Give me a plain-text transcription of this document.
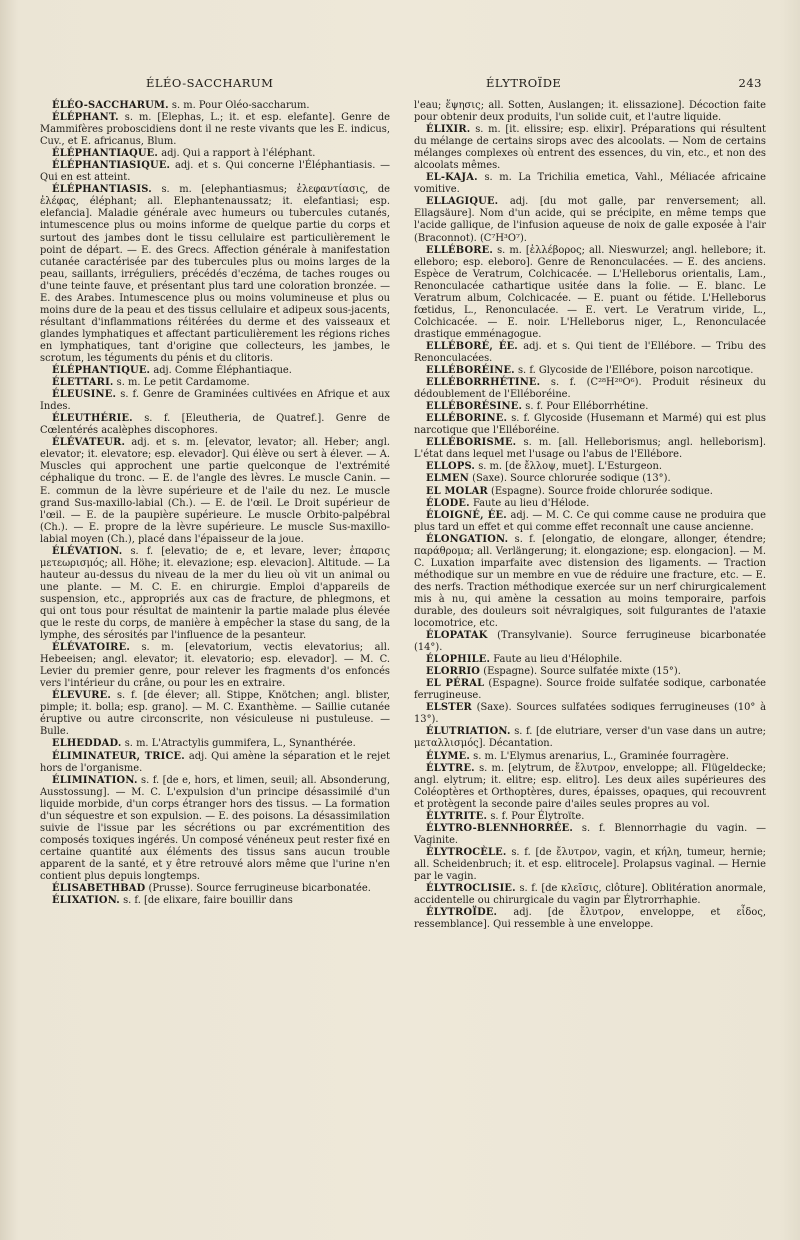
ÉLÉO-SACCHARUM	ÉLYTROÏDE	243

ÉLÉO-SACCHARUM. s. m. Pour Oléo-saccharum.

ÉLÉPHANT. s. m. [Elephas, L.; it. et esp. elefante]. Genre de Mammifères proboscidiens dont il ne reste vivants que les E. indicus, Cuv., et E. africanus, Blum.

ÉLÉPHANTIAQUE. adj. Qui a rapport à l'éléphant.

ÉLÉPHANTIASIQUE. adj. et s. Qui concerne l'Éléphantiasis. — Qui en est atteint.

ÉLÉPHANTIASIS. s. m. [elephantiasmus; ἐλεφαντίασις, de ἐλέφας, éléphant; all. Elephantenaussatz; it. elefantiasi; esp. elefancia]. Maladie générale avec humeurs ou tubercules cutanés, intumescence plus ou moins informe de quelque partie du corps et surtout des jambes dont le tissu cellulaire est particulièrement le point de départ. — E. des Grecs. Affection générale à manifestation cutanée caractérisée par des tubercules plus ou moins larges de la peau, saillants, irréguliers, précédés d'eczéma, de taches rouges ou d'une teinte fauve, et présentant plus tard une coloration bronzée. — E. des Arabes. Intumescence plus ou moins volumineuse et plus ou moins dure de la peau et des tissus cellulaire et adipeux sous-jacents, résultant d'inflammations réitérées du derme et des vaisseaux et glandes lymphatiques et affectant particulièrement les régions riches en lymphatiques, tant d'origine que collecteurs, les jambes, le scrotum, les téguments du pénis et du clitoris.

ÉLÉPHANTIQUE. adj. Comme Éléphantiaque.

ÉLETTARI. s. m. Le petit Cardamome.

ÉLEUSINE. s. f. Genre de Graminées cultivées en Afrique et aux Indes.

ÉLEUTHÉRIE. s. f. [Eleutheria, de Quatref.]. Genre de Cœlentérés acalèphes discophores.

ÉLÉVATEUR. adj. et s. m. [elevator, levator; all. Heber; angl. elevator; it. elevatore; esp. elevador]. Qui élève ou sert à élever. — A. Muscles qui approchent une partie quelconque de l'extrémité céphalique du tronc. — E. de l'angle des lèvres. Le muscle Canin. — E. commun de la lèvre supérieure et de l'aile du nez. Le muscle grand Sus-maxillo-labial (Ch.). — E. de l'œil. Le Droit supérieur de l'œil. — E. de la paupière supérieure. Le muscle Orbito-palpébral (Ch.). — E. propre de la lèvre supérieure. Le muscle Sus-maxillo-labial moyen (Ch.), placé dans l'épaisseur de la joue.

ÉLÉVATION. s. f. [elevatio; de e, et levare, lever; ἐπαρσις μετεωρισμός; all. Höhe; it. elevazione; esp. elevacion]. Altitude. — La hauteur au-dessus du niveau de la mer du lieu où vit un animal ou une plante. — M. C. E. en chirurgie. Emploi d'appareils de suspension, etc., appropriés aux cas de fracture, de phlegmons, et qui ont tous pour résultat de maintenir la partie malade plus élevée que le reste du corps, de manière à empêcher la stase du sang, de la lymphe, des sérosités par l'influence de la pesanteur.

ÉLÉVATOIRE. s. m. [elevatorium, vectis elevatorius; all. Hebeeisen; angl. elevator; it. elevatorio; esp. elevador]. — M. C. Levier du premier genre, pour relever les fragments d'os enfoncés vers l'intérieur du crâne, ou pour les en extraire.

ÉLEVURE. s. f. [de élever; all. Stippe, Knötchen; angl. blister, pimple; it. bolla; esp. grano]. — M. C. Exanthème. — Saillie cutanée éruptive ou autre circonscrite, non vésiculeuse ni pustuleuse. — Bulle.

ELHEDDAD. s. m. L'Atractylis gummifera, L., Synanthérée.

ÉLIMINATEUR, TRICE. adj. Qui amène la séparation et le rejet hors de l'organisme.

ÉLIMINATION. s. f. [de e, hors, et limen, seuil; all. Absonderung, Ausstossung]. — M. C. L'expulsion d'un principe désassimilé d'un liquide morbide, d'un corps étranger hors des tissus. — La formation d'un séquestre et son expulsion. — E. des poisons. La désassimilation suivie de l'issue par les sécrétions ou par excrémentition des composés toxiques ingérés. Un composé vénéneux peut rester fixé en certaine quantité aux éléments des tissus sans aucun trouble apparent de la santé, et y être retrouvé alors même que l'urine n'en contient plus depuis longtemps.

ÉLISABETHBAD (Prusse). Source ferrugineuse bicarbonatée.

ÉLIXATION. s. f. [de elixare, faire bouillir dans

l'eau; ἕψησις; all. Sotten, Auslangen; it. elissazione]. Décoction faite pour obtenir deux produits, l'un solide cuit, et l'autre liquide.

ÉLIXIR. s. m. [it. elissire; esp. elixir]. Préparations qui résultent du mélange de certains sirops avec des alcoolats. — Nom de certains mélanges complexes où entrent des essences, du vin, etc., et non des alcoolats mêmes.

EL-KAJA. s. m. La Trichilia emetica, Vahl., Méliacée africaine vomitive.

ELLAGIQUE. adj. [du mot galle, par renversement; all. Ellagsäure]. Nom d'un acide, qui se précipite, en même temps que l'acide gallique, de l'infusion aqueuse de noix de galle exposée à l'air (Braconnot). (C⁷H³O⁷).

ELLÉBORE. s. m. [ἑλλέβορος; all. Nieswurzel; angl. hellebore; it. elleboro; esp. eleboro]. Genre de Renonculacées. — E. des anciens. Espèce de Veratrum, Colchicacée. — L'Helleborus orientalis, Lam., Renonculacée cathartique usitée dans la folie. — E. blanc. Le Veratrum album, Colchicacée. — E. puant ou fétide. L'Helleborus fœtidus, L., Renonculacée. — E. vert. Le Veratrum viride, L., Colchicacée. — E. noir. L'Helleborus niger, L., Renonculacée drastique emménagogue.

ELLÉBORÉ, ÉE. adj. et s. Qui tient de l'Ellébore. — Tribu des Renonculacées.

ELLÉBORÉINE. s. f. Glycoside de l'Ellébore, poison narcotique.

ELLÉBORRHÉTINE. s. f. (C²⁸H²⁰O⁶). Produit résineux du dédoublement de l'Elléboréine.

ELLÉBORÉSINE. s. f. Pour Elléborrhétine.

ELLÉBORINE. s. f. Glycoside (Husemann et Marmé) qui est plus narcotique que l'Elléboréine.

ELLÉBORISME. s. m. [all. Helleborismus; angl. helleborism]. L'état dans lequel met l'usage ou l'abus de l'Ellébore.

ELLOPS. s. m. [de ἔλλοψ, muet]. L'Esturgeon.

ELMEN (Saxe). Source chlorurée sodique (13°).

EL MOLAR (Espagne). Source froide chlorurée sodique.

ÉLODE. Faute au lieu d'Hélode.

ÉLOIGNÉ, ÉE. adj. — M. C. Ce qui comme cause ne produira que plus tard un effet et qui comme effet reconnaît une cause ancienne.

ÉLONGATION. s. f. [elongatio, de elongare, allonger, étendre; παράθρομα; all. Verlängerung; it. elongazione; esp. elongacion]. — M. C. Luxation imparfaite avec distension des ligaments. — Traction méthodique sur un membre en vue de réduire une fracture, etc. — E. des nerfs. Traction méthodique exercée sur un nerf chirurgicalement mis à nu, qui amène la cessation au moins temporaire, parfois durable, des douleurs soit névralgiques, soit fulgurantes de l'ataxie locomotrice, etc.

ÉLOPATAK (Transylvanie). Source ferrugineuse bicarbonatée (14°).

ÉLOPHILE. Faute au lieu d'Hélophile.

ELORRIO (Espagne). Source sulfatée mixte (15°).

EL PÉRAL (Espagne). Source froide sulfatée sodique, carbonatée ferrugineuse.

ELSTER (Saxe). Sources sulfatées sodiques ferrugineuses (10° à 13°).

ÉLUTRIATION. s. f. [de elutriare, verser d'un vase dans un autre; μεταλλισμός]. Décantation.

ÉLYME. s. m. L'Elymus arenarius, L., Graminée fourragère.

ÉLYTRE. s. m. [elytrum, de ἔλυτρον, enveloppe; all. Flügeldecke; angl. elytrum; it. elitre; esp. elitro]. Les deux ailes supérieures des Coléoptères et Orthoptères, dures, épaisses, opaques, qui recouvrent et protègent la seconde paire d'ailes seules propres au vol.

ÉLYTRITE. s. f. Pour Élytroïte.

ÉLYTRO-BLENNHORRÉE. s. f. Blennorrhagie du vagin. — Vaginite.

ÉLYTROCÈLE. s. f. [de ἔλυτρον, vagin, et κήλη, tumeur, hernie; all. Scheidenbruch; it. et esp. elitrocele]. Prolapsus vaginal. — Hernie par le vagin.

ÉLYTROCLISIE. s. f. [de κλεῖσις, clôture]. Oblitération anormale, accidentelle ou chirurgicale du vagin par Élytrorrhaphie.

ÉLYTROÏDE. adj. [de ἔλυτρον, enveloppe, et εἶδος, ressemblance]. Qui ressemble à une enveloppe.
